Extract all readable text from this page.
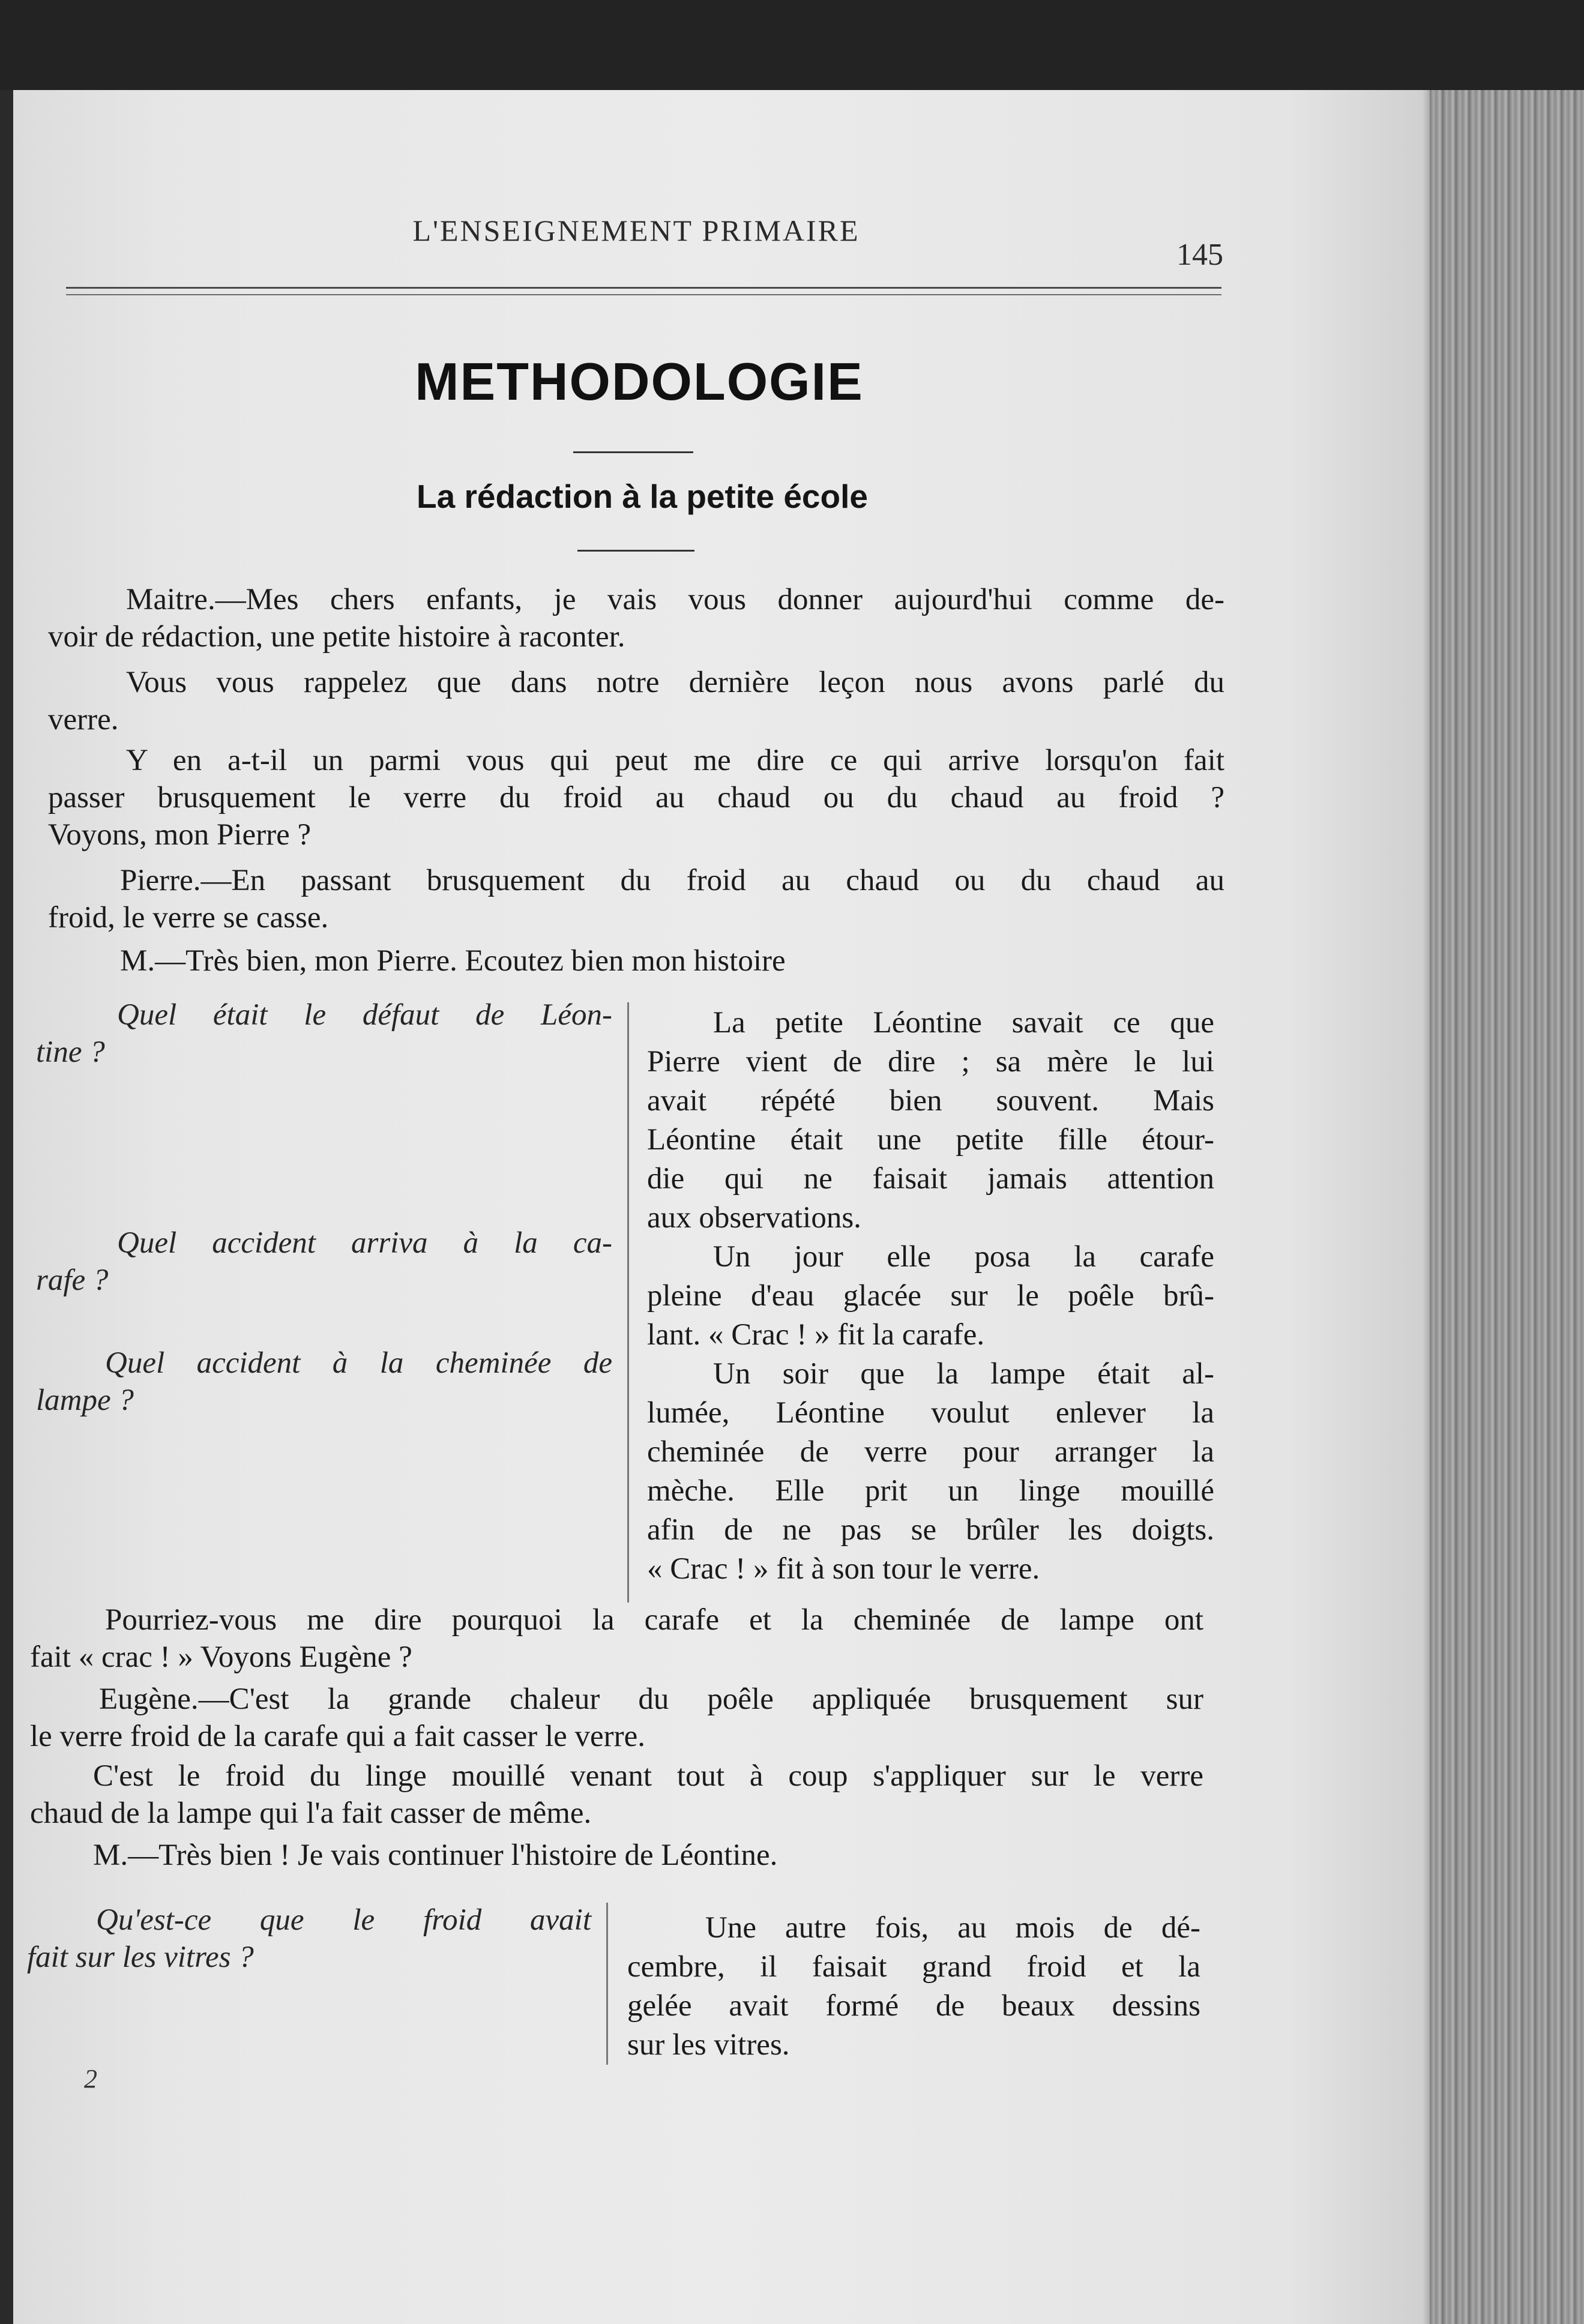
L'ENSEIGNEMENT PRIMAIRE
145
METHODOLOGIE
La rédaction à la petite école
Maitre.—Mes chers enfants, je vais vous donner aujourd'hui comme de-
voir de rédaction, une petite histoire à raconter.
Vous vous rappelez que dans notre dernière leçon nous avons parlé du
verre.
Y en a-t-il un parmi vous qui peut me dire ce qui arrive lorsqu'on fait
passer brusquement le verre du froid au chaud ou du chaud au froid ?
Voyons, mon Pierre ?
Pierre.—En passant brusquement du froid au chaud ou du chaud au
froid, le verre se casse.
M.—Très bien, mon Pierre. Ecoutez bien mon histoire
Quel était le défaut de Léon-
tine ?
Quel accident arriva à la ca-
rafe ?
Quel accident à la cheminée de
lampe ?
La petite Léontine savait ce que
Pierre vient de dire ; sa mère le lui
avait répété bien souvent. Mais
Léontine était une petite fille étour-
die qui ne faisait jamais attention
aux observations.
Un jour elle posa la carafe
pleine d'eau glacée sur le poêle brû-
lant. « Crac ! » fit la carafe.
Un soir que la lampe était al-
lumée, Léontine voulut enlever la
cheminée de verre pour arranger la
mèche. Elle prit un linge mouillé
afin de ne pas se brûler les doigts.
« Crac ! » fit à son tour le verre.
Pourriez-vous me dire pourquoi la carafe et la cheminée de lampe ont
fait « crac ! » Voyons Eugène ?
Eugène.—C'est la grande chaleur du poêle appliquée brusquement sur
le verre froid de la carafe qui a fait casser le verre.
C'est le froid du linge mouillé venant tout à coup s'appliquer sur le verre
chaud de la lampe qui l'a fait casser de même.
M.—Très bien ! Je vais continuer l'histoire de Léontine.
Qu'est-ce que le froid avait
fait sur les vitres ?
Une autre fois, au mois de dé-
cembre, il faisait grand froid et la
gelée avait formé de beaux dessins
sur les vitres.
2
